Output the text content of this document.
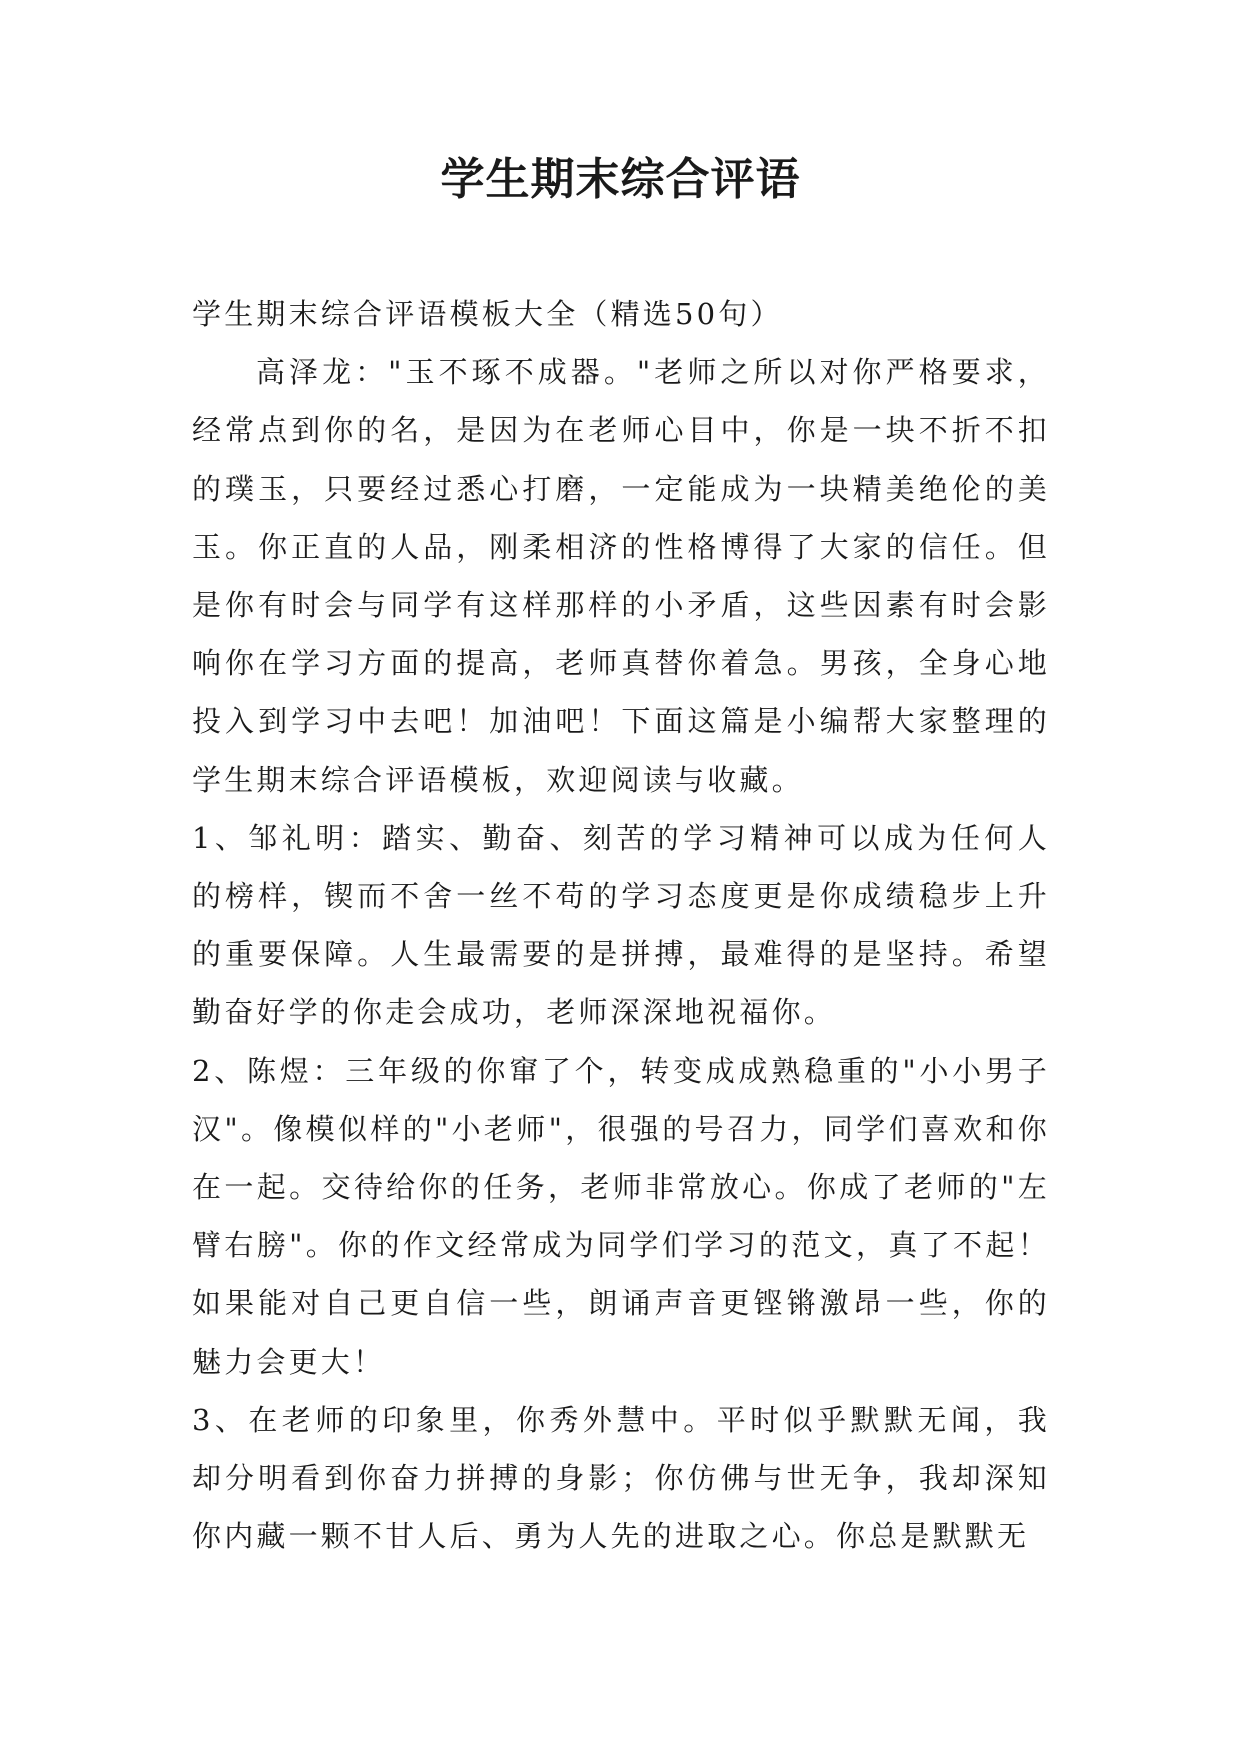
学生期末综合评语

学生期末综合评语模板大全（精选50句）

高泽龙："玉不琢不成器。"老师之所以对你严格要求，经常点到你的名，是因为在老师心目中，你是一块不折不扣的璞玉，只要经过悉心打磨，一定能成为一块精美绝伦的美玉。你正直的人品，刚柔相济的性格博得了大家的信任。但是你有时会与同学有这样那样的小矛盾，这些因素有时会影响你在学习方面的提高，老师真替你着急。男孩，全身心地投入到学习中去吧！加油吧！下面这篇是小编帮大家整理的学生期末综合评语模板，欢迎阅读与收藏。

1、邹礼明：踏实、勤奋、刻苦的学习精神可以成为任何人的榜样，锲而不舍一丝不苟的学习态度更是你成绩稳步上升的重要保障。人生最需要的是拼搏，最难得的是坚持。希望勤奋好学的你走会成功，老师深深地祝福你。

2、陈煜：三年级的你窜了个，转变成成熟稳重的"小小男子汉"。像模似样的"小老师"，很强的号召力，同学们喜欢和你在一起。交待给你的任务，老师非常放心。你成了老师的"左臂右膀"。你的作文经常成为同学们学习的范文，真了不起！如果能对自己更自信一些，朗诵声音更铿锵激昂一些，你的魅力会更大！

3、在老师的印象里，你秀外慧中。平时似乎默默无闻，我却分明看到你奋力拼搏的身影；你仿佛与世无争，我却深知你内藏一颗不甘人后、勇为人先的进取之心。你总是默默无
